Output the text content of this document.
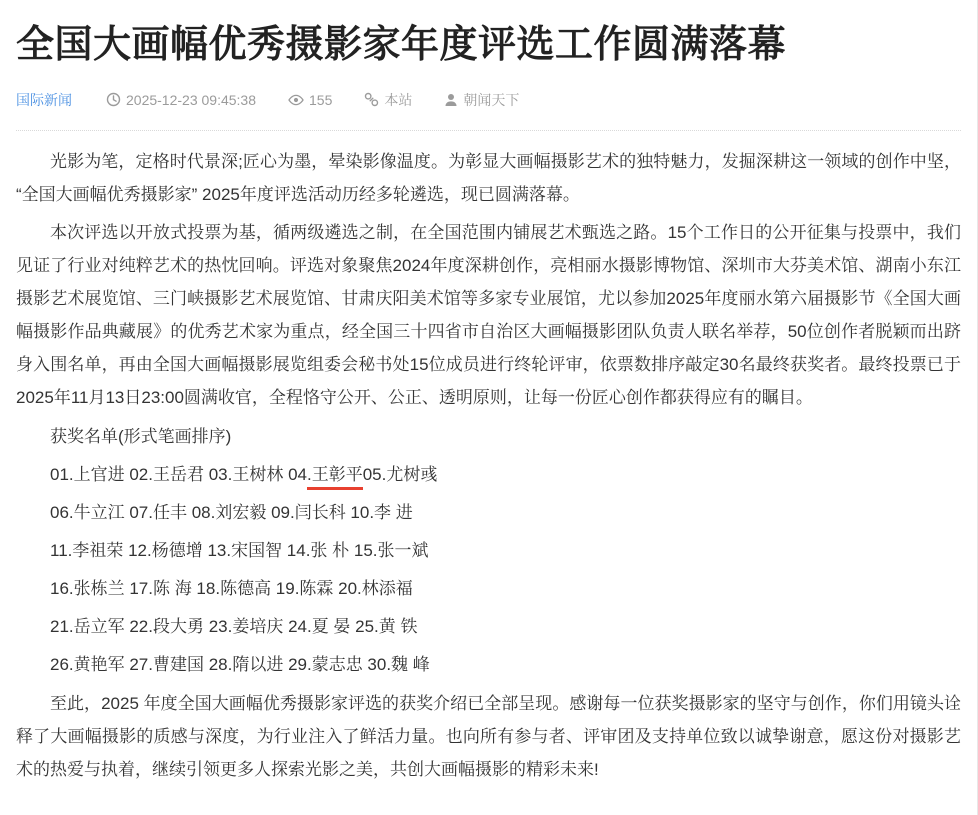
全国大画幅优秀摄影家年度评选工作圆满落幕
国际新闻	2025-12-23 09:45:38	155	本站	朝闻天下

光影为笔，定格时代景深;匠心为墨，晕染影像温度。为彰显大画幅摄影艺术的独特魅力，发掘深耕这一领域的创作中坚，“全国大画幅优秀摄影家” 2025年度评选活动历经多轮遴选，现已圆满落幕。

本次评选以开放式投票为基，循两级遴选之制，在全国范围内铺展艺术甄选之路。15个工作日的公开征集与投票中，我们见证了行业对纯粹艺术的热忱回响。评选对象聚焦2024年度深耕创作，亮相丽水摄影博物馆、深圳市大芬美术馆、湖南小东江摄影艺术展览馆、三门峡摄影艺术展览馆、甘肃庆阳美术馆等多家专业展馆，尤以参加2025年度丽水第六届摄影节《全国大画幅摄影作品典藏展》的优秀艺术家为重点，经全国三十四省市自治区大画幅摄影团队负责人联名举荐，50位创作者脱颖而出跻身入围名单，再由全国大画幅摄影展览组委会秘书处15位成员进行终轮评审，依票数排序敲定30名最终获奖者。最终投票已于2025年11月13日23:00圆满收官，全程恪守公开、公正、透明原则，让每一份匠心创作都获得应有的瞩目。

获奖名单(形式笔画排序)

01.上官进 02.王岳君 03.王树林 04.王彰平05.尤树彧

06.牛立江 07.任丰 08.刘宏毅 09.闫长科 10.李 进

11.李祖荣 12.杨德增 13.宋国智 14.张 朴 15.张一斌

16.张栋兰 17.陈 海 18.陈德高 19.陈霖 20.林添福

21.岳立军 22.段大勇 23.姜培庆 24.夏 晏 25.黄 铁

26.黄艳军 27.曹建国 28.隋以进 29.蒙志忠 30.魏 峰

至此，2025 年度全国大画幅优秀摄影家评选的获奖介绍已全部呈现。感谢每一位获奖摄影家的坚守与创作，你们用镜头诠释了大画幅摄影的质感与深度，为行业注入了鲜活力量。也向所有参与者、评审团及支持单位致以诚挚谢意，愿这份对摄影艺术的热爱与执着，继续引领更多人探索光影之美，共创大画幅摄影的精彩未来!
